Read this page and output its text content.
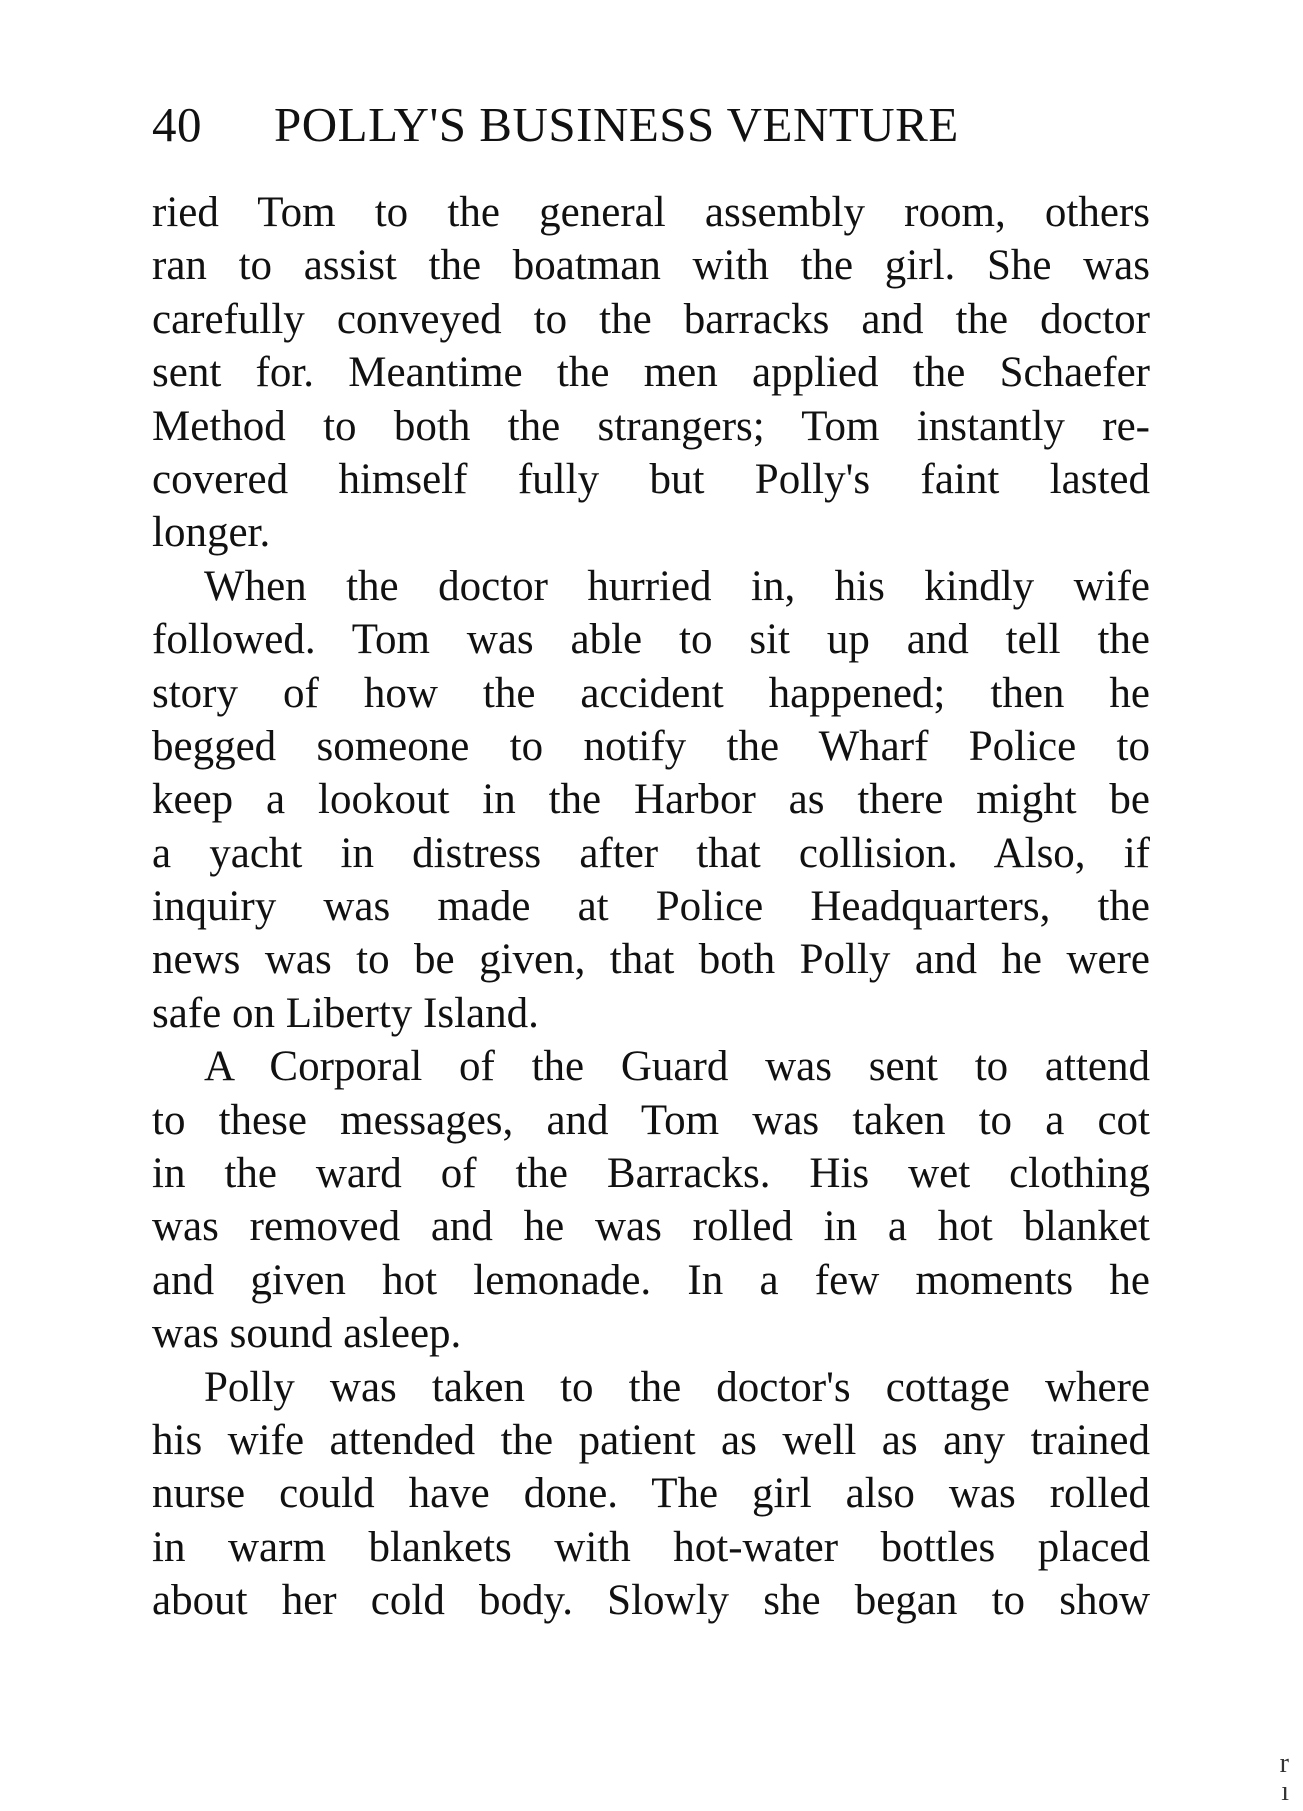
40 POLLY'S BUSINESS VENTURE
ried Tom to the general assembly room, others
ran to assist the boatman with the girl. She was
carefully conveyed to the barracks and the doctor
sent for. Meantime the men applied the Schaefer
Method to both the strangers; Tom instantly re-
covered himself fully but Polly's faint lasted
longer.
When the doctor hurried in, his kindly wife
followed. Tom was able to sit up and tell the
story of how the accident happened; then he
begged someone to notify the Wharf Police to
keep a lookout in the Harbor as there might be
a yacht in distress after that collision. Also, if
inquiry was made at Police Headquarters, the
news was to be given, that both Polly and he were
safe on Liberty Island.
A Corporal of the Guard was sent to attend
to these messages, and Tom was taken to a cot
in the ward of the Barracks. His wet clothing
was removed and he was rolled in a hot blanket
and given hot lemonade. In a few moments he
was sound asleep.
Polly was taken to the doctor's cottage where
his wife attended the patient as well as any trained
nurse could have done. The girl also was rolled
in warm blankets with hot-water bottles placed
about her cold body. Slowly she began to show
r
ı
